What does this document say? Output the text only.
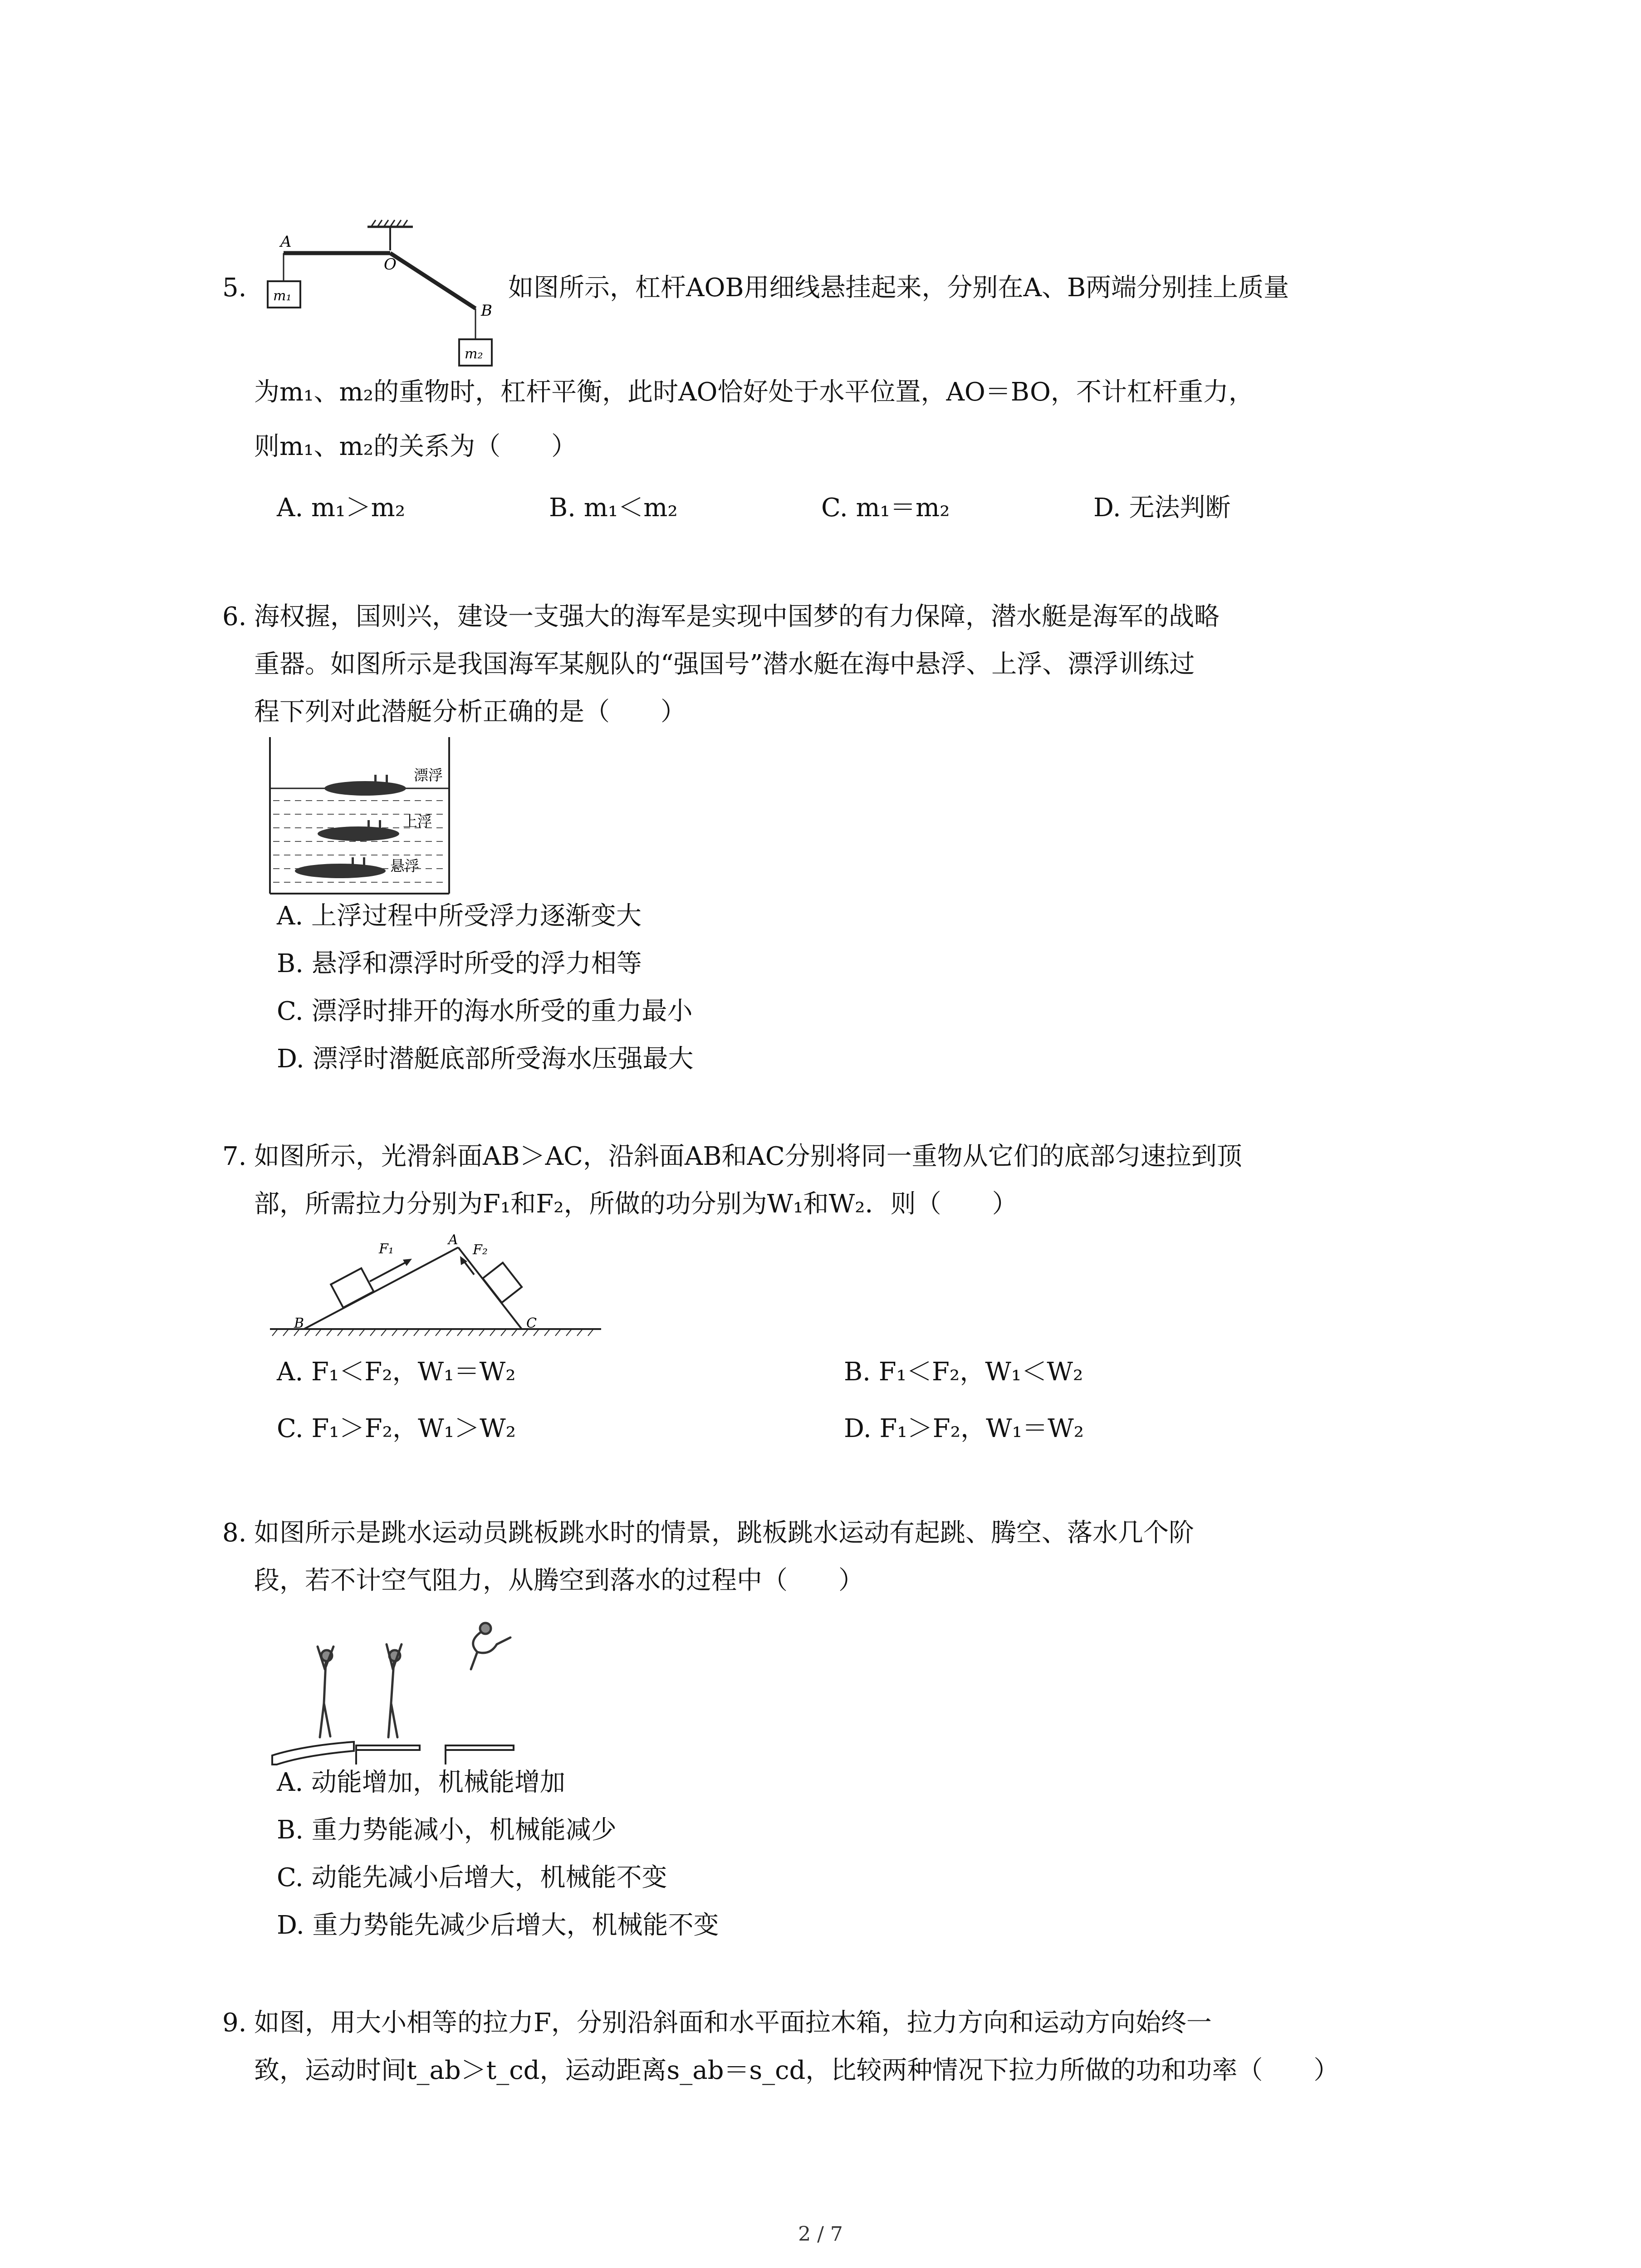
5.
A
O
B
m₁
m₂
如图所示，杠杆AOB用细线悬挂起来，分别在A、B两端分别挂上质量
为m₁、m₂的重物时，杠杆平衡，此时AO恰好处于水平位置，AO＝BO，不计杠杆重力，
则m₁、m₂的关系为（　　）
A. m₁＞m₂	B. m₁＜m₂	C. m₁＝m₂	D. 无法判断
6. 海权握，国则兴，建设一支强大的海军是实现中国梦的有力保障，潜水艇是海军的战略
重器。如图所示是我国海军某舰队的“强国号”潜水艇在海中悬浮、上浮、漂浮训练过
程下列对此潜艇分析正确的是（　　）
漂浮
上浮
悬浮
A. 上浮过程中所受浮力逐渐变大
B. 悬浮和漂浮时所受的浮力相等
C. 漂浮时排开的海水所受的重力最小
D. 漂浮时潜艇底部所受海水压强最大
7. 如图所示，光滑斜面AB＞AC，沿斜面AB和AC分别将同一重物从它们的底部匀速拉到顶
部，所需拉力分别为F₁和F₂，所做的功分别为W₁和W₂．则（　　）
F₁
A
F₂
B	C
A. F₁＜F₂，W₁＝W₂	B. F₁＜F₂，W₁＜W₂
C. F₁＞F₂，W₁＞W₂	D. F₁＞F₂，W₁＝W₂
8. 如图所示是跳水运动员跳板跳水时的情景，跳板跳水运动有起跳、腾空、落水几个阶
段，若不计空气阻力，从腾空到落水的过程中（　　）
A. 动能增加，机械能增加
B. 重力势能减小，机械能减少
C. 动能先减小后增大，机械能不变
D. 重力势能先减少后增大，机械能不变
9. 如图，用大小相等的拉力F，分别沿斜面和水平面拉木箱，拉力方向和运动方向始终一
致，运动时间t_ab＞t_cd，运动距离s_ab＝s_cd，比较两种情况下拉力所做的功和功率（　　）
2 / 7
